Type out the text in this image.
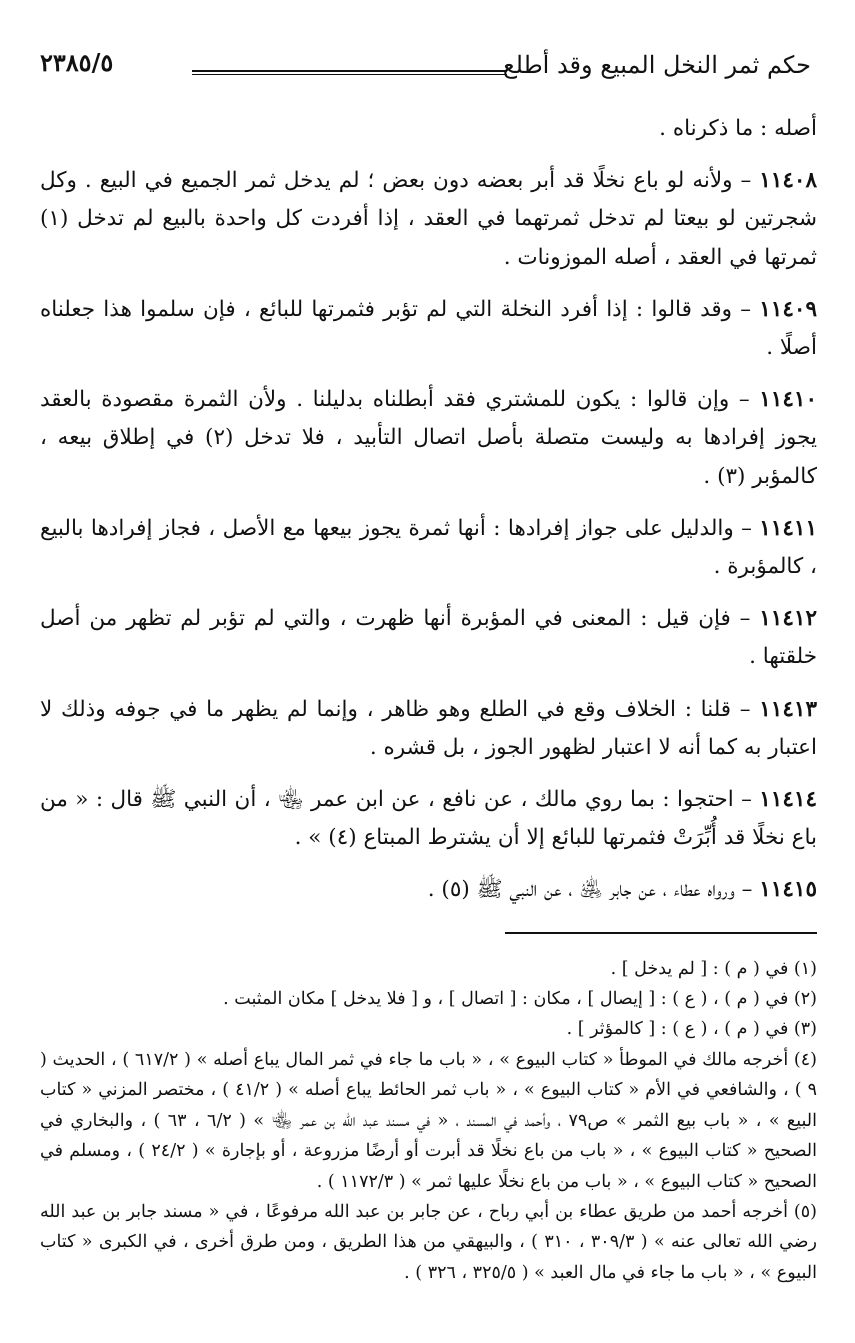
حكم ثمر النخل المبيع وقد أطلع
٢٣٨٥/٥

أصله : ما ذكرناه .

١١٤٠٨ – ولأنه لو باع نخلًا قد أبر بعضه دون بعض ؛ لم يدخل ثمر الجميع في البيع . وكل شجرتين لو بيعتا لم تدخل ثمرتهما في العقد ، إذا أفردت كل واحدة بالبيع لم تدخل (١) ثمرتها في العقد ، أصله الموزونات .

١١٤٠٩ – وقد قالوا : إذا أفرد النخلة التي لم تؤبر فثمرتها للبائع ، فإن سلموا هذا جعلناه أصلًا .

١١٤١٠ – وإن قالوا : يكون للمشتري فقد أبطلناه بدليلنا . ولأن الثمرة مقصودة بالعقد يجوز إفرادها به وليست متصلة بأصل اتصال التأبيد ، فلا تدخل (٢) في إطلاق بيعه ، كالمؤبر (٣) .

١١٤١١ – والدليل على جواز إفرادها : أنها ثمرة يجوز بيعها مع الأصل ، فجاز إفرادها بالبيع ، كالمؤبرة .

١١٤١٢ – فإن قيل : المعنى في المؤبرة أنها ظهرت ، والتي لم تؤبر لم تظهر من أصل خلقتها .

١١٤١٣ – قلنا : الخلاف وقع في الطلع وهو ظاهر ، وإنما لم يظهر ما في جوفه وذلك لا اعتبار به كما أنه لا اعتبار لظهور الجوز ، بل قشره .

١١٤١٤ – احتجوا : بما روي مالك ، عن نافع ، عن ابن عمر ﵄ ، أن النبي ﷺ قال : « من باع نخلًا قد أُبِّرَتْ فثمرتها للبائع إلا أن يشترط المبتاع (٤) » .

١١٤١٥ – ورواه عطاء ، عن جابر ﵁ ، عن النبي ﷺ (٥) .

(١) في ( م ) : [ لم يدخل ] .

(٢) في ( م ) ، ( ع ) : [ إيصال ] ، مكان : [ اتصال ] ، و [ فلا يدخل ] مكان المثبت .

(٣) في ( م ) ، ( ع ) : [ كالمؤثر ] .

(٤) أخرجه مالك في الموطأ « كتاب البيوع » ، « باب ما جاء في ثمر المال يباع أصله » ( ٦١٧/٢ ) ، الحديث ( ٩ ) ، والشافعي في الأم « كتاب البيوع » ، « باب ثمر الحائط يباع أصله » ( ٤١/٢ ) ، مختصر المزني « كتاب البيع » ، « باب بيع الثمر » ص٧٩ ، وأحمد في المسند ، « في مسند عبد الله بن عمر ﵄ » ( ٦/٢ ، ٦٣ ) ، والبخاري في الصحيح « كتاب البيوع » ، « باب من باع نخلًا قد أبرت أو أرضًا مزروعة ، أو بإجارة » ( ٢٤/٢ ) ، ومسلم في الصحيح « كتاب البيوع » ، « باب من باع نخلًا عليها ثمر » ( ١١٧٢/٣ ) .

(٥) أخرجه أحمد من طريق عطاء بن أبي رباح ، عن جابر بن عبد الله مرفوعًا ، في « مسند جابر بن عبد الله رضي الله تعالى عنه » ( ٣٠٩/٣ ، ٣١٠ ) ، والبيهقي من هذا الطريق ، ومن طرق أخرى ، في الكبرى « كتاب البيوع » ، « باب ما جاء في مال العبد » ( ٣٢٥/٥ ، ٣٢٦ ) .
